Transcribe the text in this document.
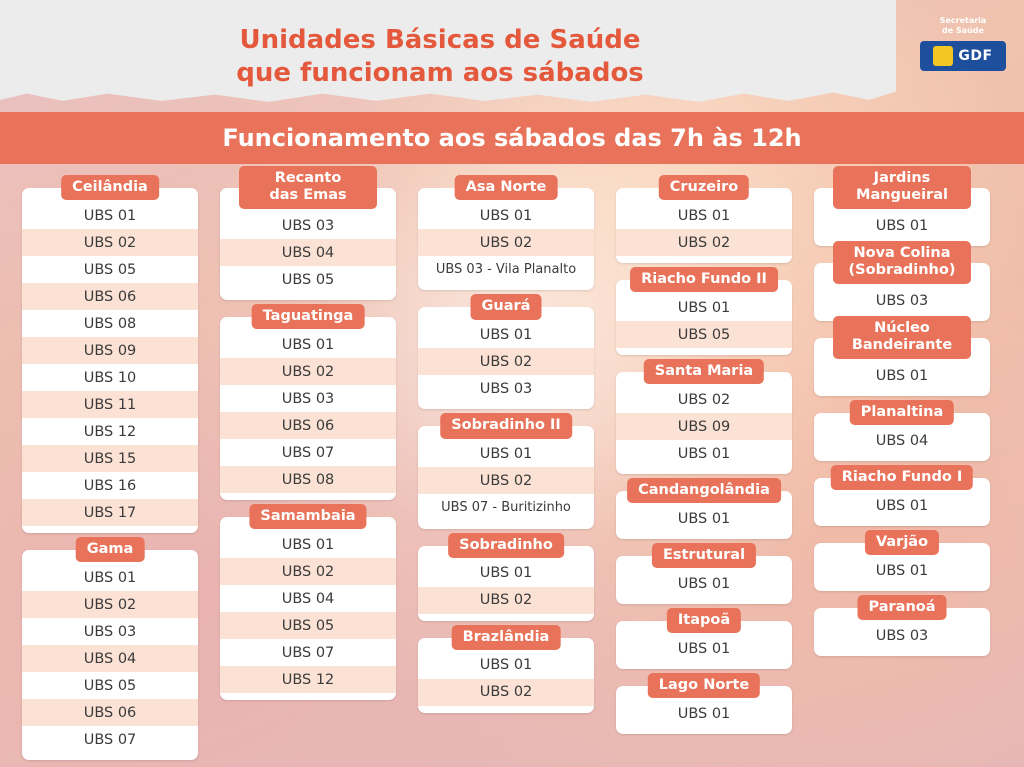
Unidades Básicas de Saúde
que funcionam aos sábados
Secretaria
de Saúde
GDF
Funcionamento aos sábados das 7h às 12h
Ceilândia
UBS 01
UBS 02
UBS 05
UBS 06
UBS 08
UBS 09
UBS 10
UBS 11
UBS 12
UBS 15
UBS 16
UBS 17
Gama
UBS 01
UBS 02
UBS 03
UBS 04
UBS 05
UBS 06
UBS 07
Recanto
das Emas
UBS 03
UBS 04
UBS 05
Taguatinga
UBS 01
UBS 02
UBS 03
UBS 06
UBS 07
UBS 08
Samambaia
UBS 01
UBS 02
UBS 04
UBS 05
UBS 07
UBS 12
Asa Norte
UBS 01
UBS 02
UBS 03 - Vila Planalto
Guará
UBS 01
UBS 02
UBS 03
Sobradinho II
UBS 01
UBS 02
UBS 07 - Buritizinho
Sobradinho
UBS 01
UBS 02
Brazlândia
UBS 01
UBS 02
Cruzeiro
UBS 01
UBS 02
Riacho Fundo II
UBS 01
UBS 05
Santa Maria
UBS 02
UBS 09
UBS 01
Candangolândia
UBS 01
Estrutural
UBS 01
Itapoã
UBS 01
Lago Norte
UBS 01
Jardins
Mangueiral
UBS 01
Nova Colina
(Sobradinho)
UBS 03
Núcleo
Bandeirante
UBS 01
Planaltina
UBS 04
Riacho Fundo I
UBS 01
Varjão
UBS 01
Paranoá
UBS 03
